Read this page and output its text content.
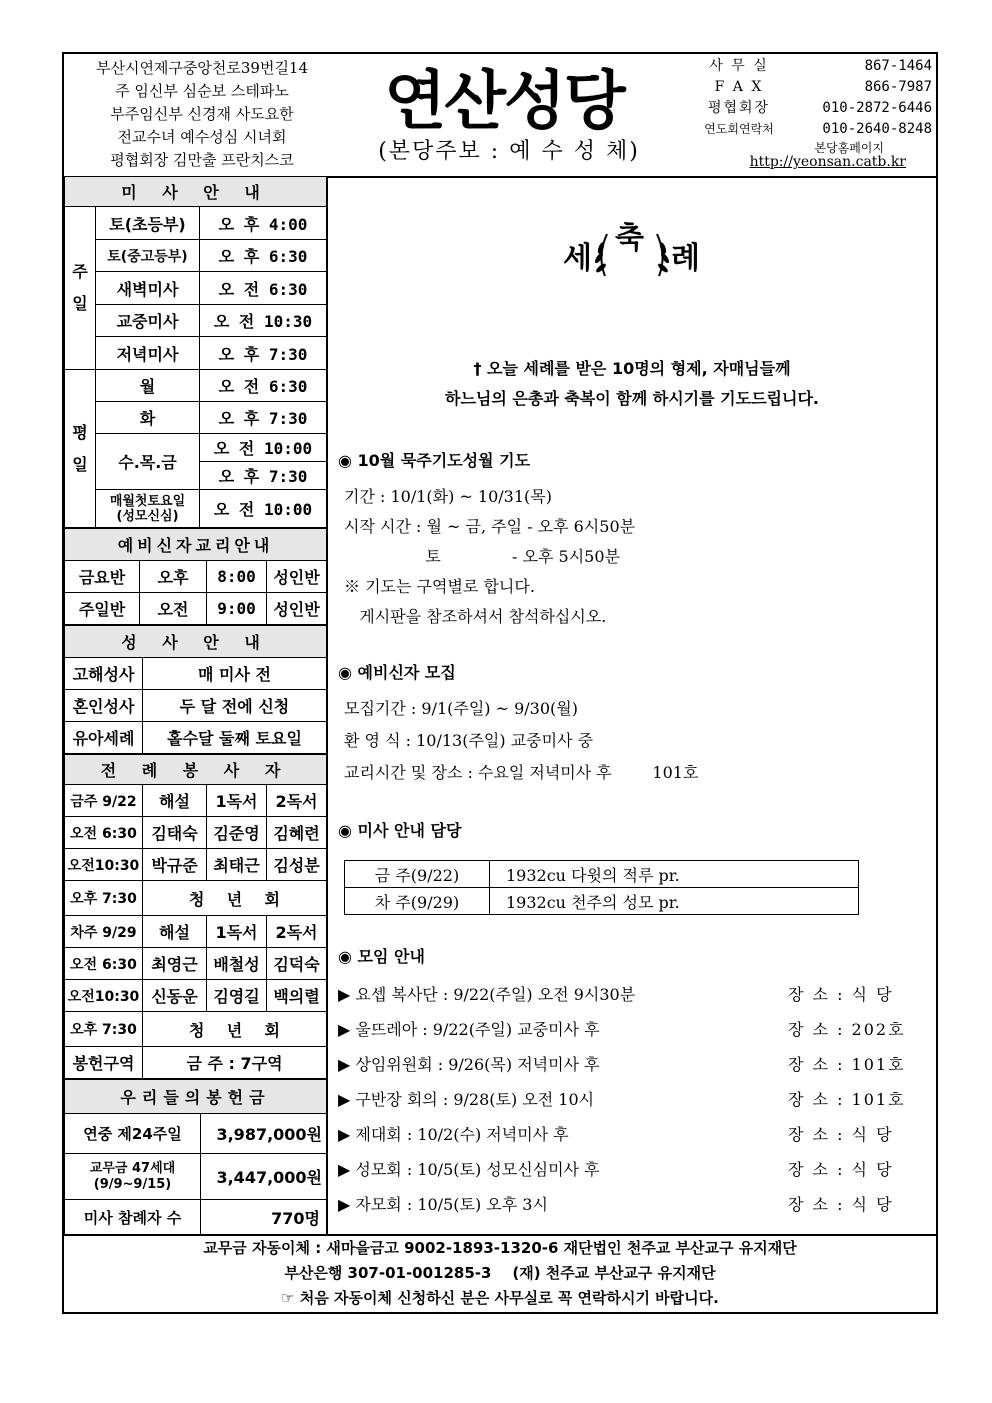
부산시연제구중앙천로39번길14
주 임신부 심순보 스테파노
부주임신부 신경재 사도요한
전교수녀 예수성심 시녀회
평협회장 김만출 프란치스코
연산성당
(본당주보 : 예 수 성 체)
사 무 실	867-1464
F A X	866-7987
평협회장	010-2872-6446
연도회연락처	010-2640-8248
본당홈페이지
http://yeonsan.catb.kr
미 사 안 내		
주일	토(초등부)	오 후 4:00
	토(중고등부)	오 후 6:30
	새벽미사	오 전 6:30
	교중미사	오 전 10:30
	저녁미사	오 후 7:30
평일	월	오 전 6:30
	화	오 후 7:30
	수.목.금	오 전 10:00
		오 후 7:30
	매월첫토요일
(성모신심)	오 전 10:00
예비신자교리안내			
금요반	오후	8:00	성인반
주일반	오전	9:00	성인반
성 사 안 내	
고해성사	매 미사 전
혼인성사	두 달 전에 신청
유아세례	홀수달 둘째 토요일
전 례 봉 사 자			
금주 9/22	해설	1독서	2독서
오전 6:30	김태숙	김준영	김혜련
오전10:30	박규준	최태근	김성분
오후 7:30	청    년    회		
차주 9/29	해설	1독서	2독서
오전 6:30	최영근	배철성	김덕숙
오전10:30	신동운	김영길	백의렬
오후 7:30	청    년    회		
봉헌구역	금 주 : 7구역		
우리들의봉헌금	
연중 제24주일	3,987,000원
교무금 47세대
(9/9~9/15)	3,447,000원
미사 참례자 수	770명
세
축
례
† 오늘 세례를 받은 10명의 형제, 자매님들께
하느님의 은총과 축복이 함께 하시기를 기도드립니다.
◉ 10월 묵주기도성월 기도
기간 : 10/1(화) ~ 10/31(목)
시작 시간 : 월 ~ 금, 주일 - 오후 6시50분
토              - 오후 5시50분
※ 기도는 구역별로 합니다.
게시판을 참조하셔서 참석하십시오.
◉ 예비신자 모집
모집기간 : 9/1(주일) ~ 9/30(월)
환 영 식 : 10/13(주일) 교중미사 중
교리시간 및 장소 : 수요일 저녁미사 후        101호
◉ 미사 안내 담당
금 주(9/22)	1932cu 다윗의 적루 pr.
차 주(9/29)	1932cu 천주의 성모 pr.
◉ 모임 안내
▶ 요셉 복사단 : 9/22(주일) 오전 9시30분	장 소 : 식 당
▶ 울뜨레아 : 9/22(주일) 교중미사 후	장 소 : 202호
▶ 상임위원회 : 9/26(목) 저녁미사 후	장 소 : 101호
▶ 구반장 회의 : 9/28(토) 오전 10시	장 소 : 101호
▶ 제대회 : 10/2(수) 저녁미사 후	장 소 : 식 당
▶ 성모회 : 10/5(토) 성모신심미사 후	장 소 : 식 당
▶ 자모회 : 10/5(토) 오후 3시	장 소 : 식 당
교무금 자동이체 : 새마을금고 9002-1893-1320-6 재단법인 천주교 부산교구 유지재단
부산은행 307-01-001285-3    (재) 천주교 부산교구 유지재단
☞ 처음 자동이체 신청하신 분은 사무실로 꼭 연락하시기 바랍니다.
